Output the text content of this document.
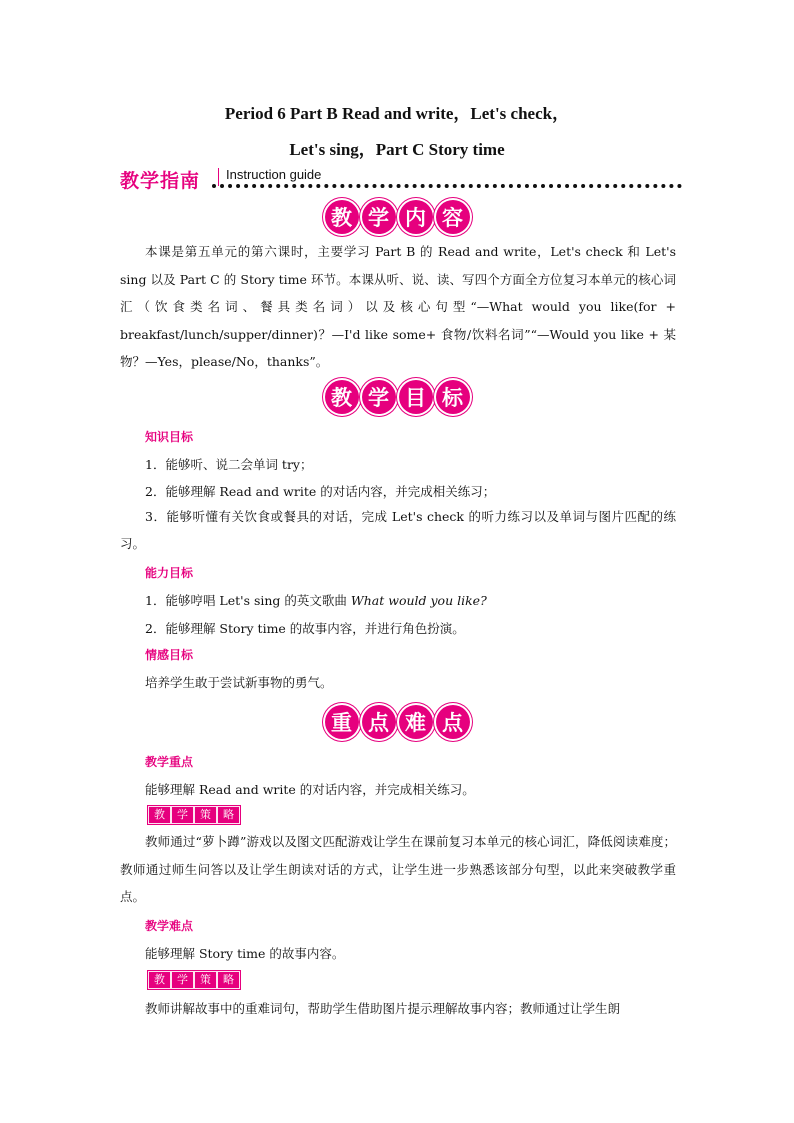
Period 6 Part B Read and write，Let's check，
Let's sing，Part C Story time
教学指南 Instruction guide
教 学 内 容
本课是第五单元的第六课时，主要学习 Part B 的 Read and write，Let's check 和 Let's sing 以及 Part C 的 Story time 环节。本课从听、说、读、写四个方面全方位复习本单元的核心词汇（饮食类名词、餐具类名词）以及核心句型“—What would you like(for + breakfast/lunch/supper/dinner)？—I'd like some+ 食物/饮料名词”“—Would you like + 某物？—Yes，please/No，thanks”。
教 学 目 标
知识目标
1．能够听、说二会单词 try；
2．能够理解 Read and write 的对话内容，并完成相关练习；
3．能够听懂有关饮食或餐具的对话，完成 Let's check 的听力练习以及单词与图片匹配的练习。
能力目标
1．能够哼唱 Let's sing 的英文歌曲 What would you like?
2．能够理解 Story time 的故事内容，并进行角色扮演。
情感目标
培养学生敢于尝试新事物的勇气。
重 点 难 点
教学重点
能够理解 Read and write 的对话内容，并完成相关练习。
教	学	策	略
教师通过“萝卜蹲”游戏以及图文匹配游戏让学生在课前复习本单元的核心词汇，降低阅读难度；教师通过师生问答以及让学生朗读对话的方式，让学生进一步熟悉该部分句型，以此来突破教学重点。
教学难点
能够理解 Story time 的故事内容。
教	学	策	略
教师讲解故事中的重难词句，帮助学生借助图片提示理解故事内容；教师通过让学生朗
